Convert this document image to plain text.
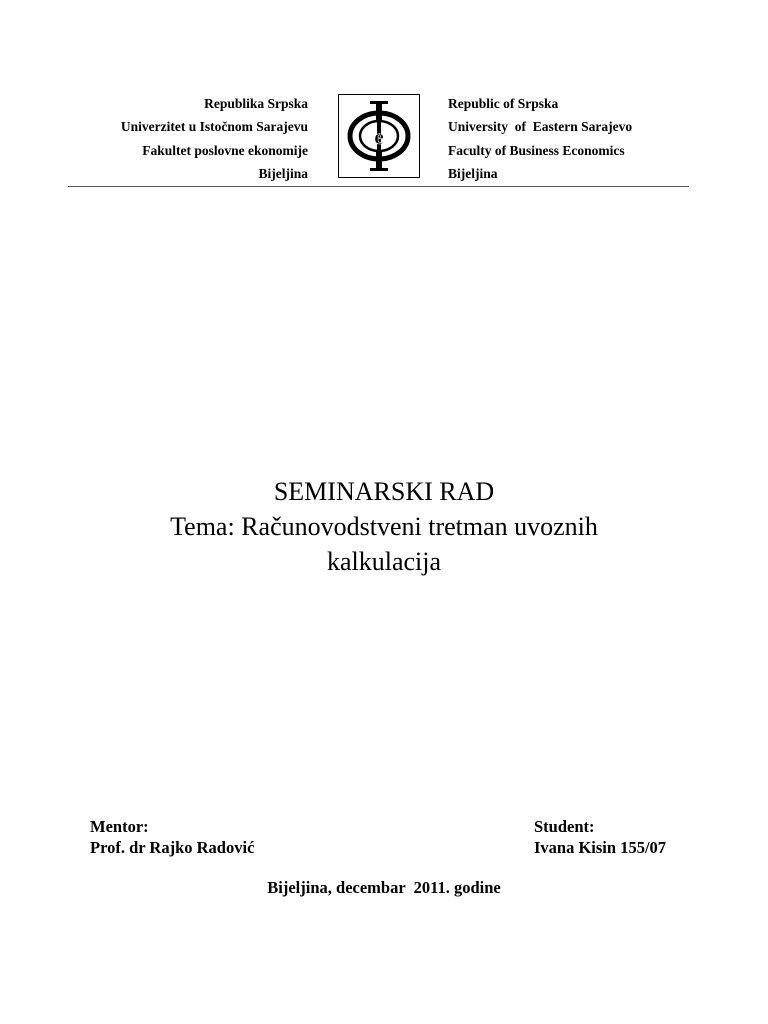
Republika Srpska
Univerzitet u Istočnom Sarajevu
Fakultet poslovne ekonomije
Bijeljina
e
Republic of Srpska
University  of  Eastern Sarajevo
Faculty of Business Economics
Bijeljina
SEMINARSKI RAD
Tema: Računovodstveni tretman uvoznih
kalkulacija
Mentor:
Prof. dr Rajko Radović
Student:
Ivana Kisin 155/07
Bijeljina, decembar  2011. godine
